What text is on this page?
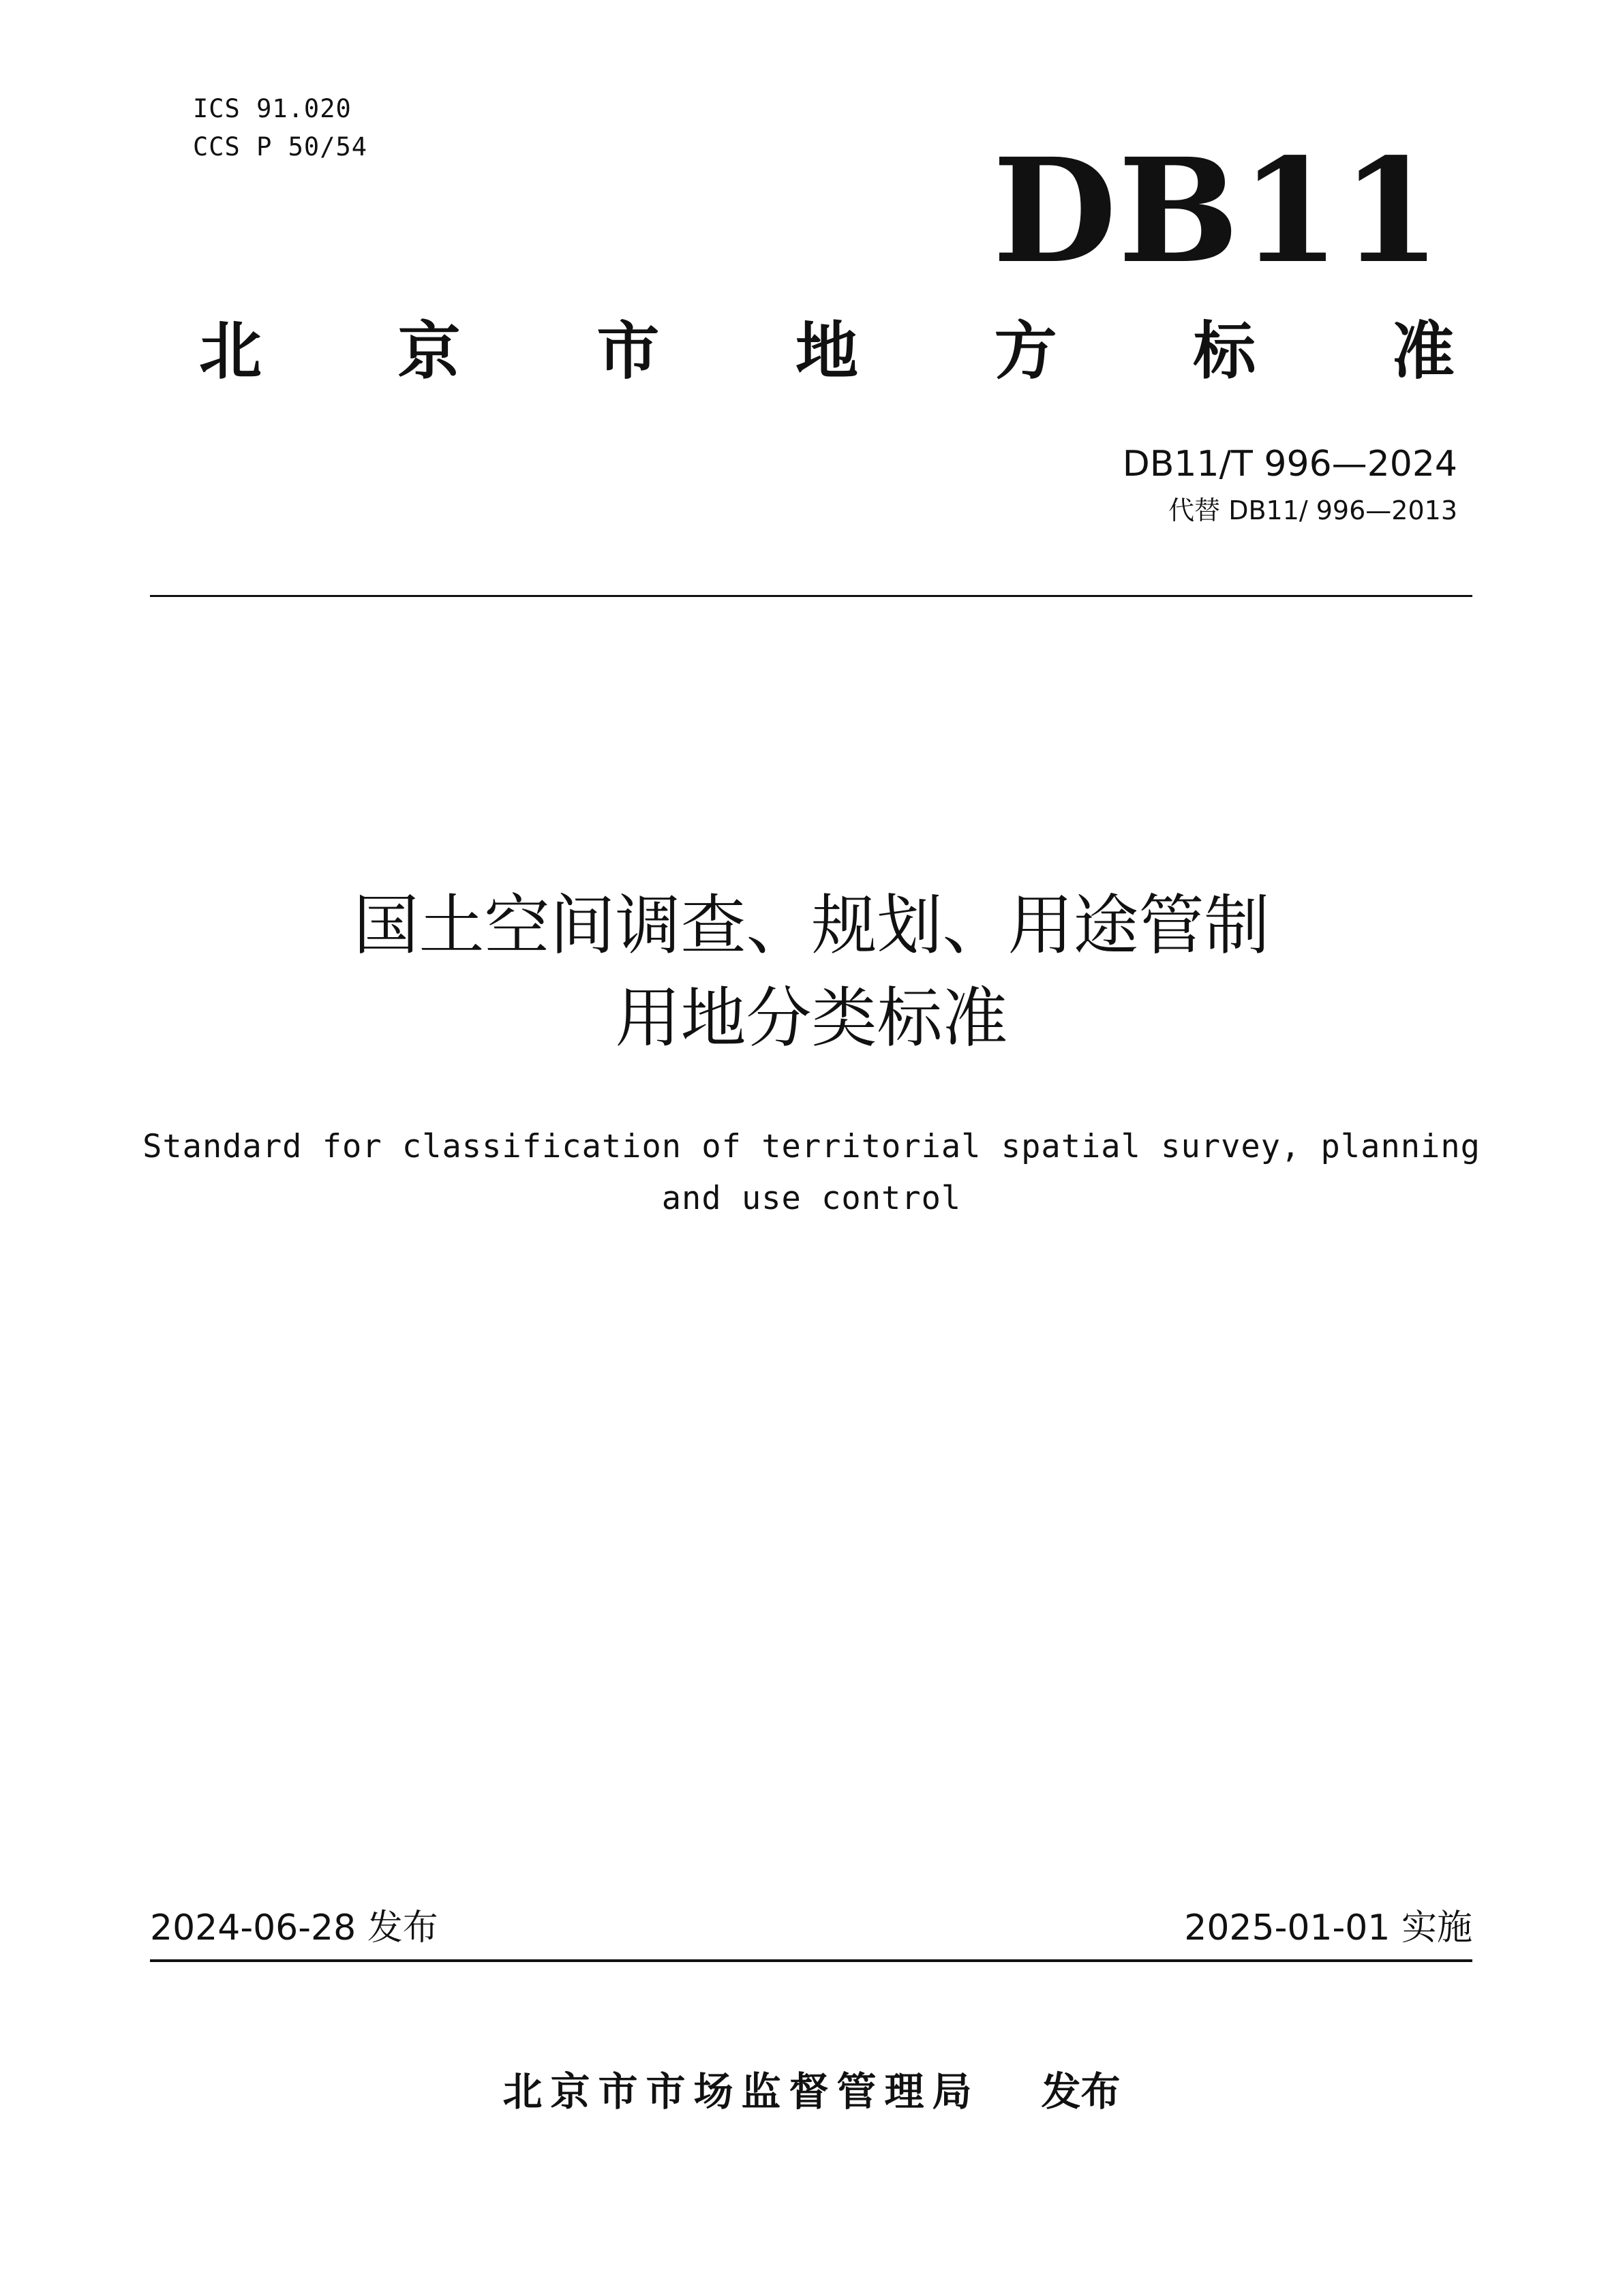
ICS 91.020
CCS P 50/54	DB11
北 京 市 地 方 标 准
DB11/T 996—2024
代替 DB11/ 996—2013
国土空间调查、规划、用途管制
用地分类标准
Standard for classification of territorial spatial survey, planning
and use control
2024-06-28 发布	2025-01-01 实施
北京市市场监督管理局 发布
